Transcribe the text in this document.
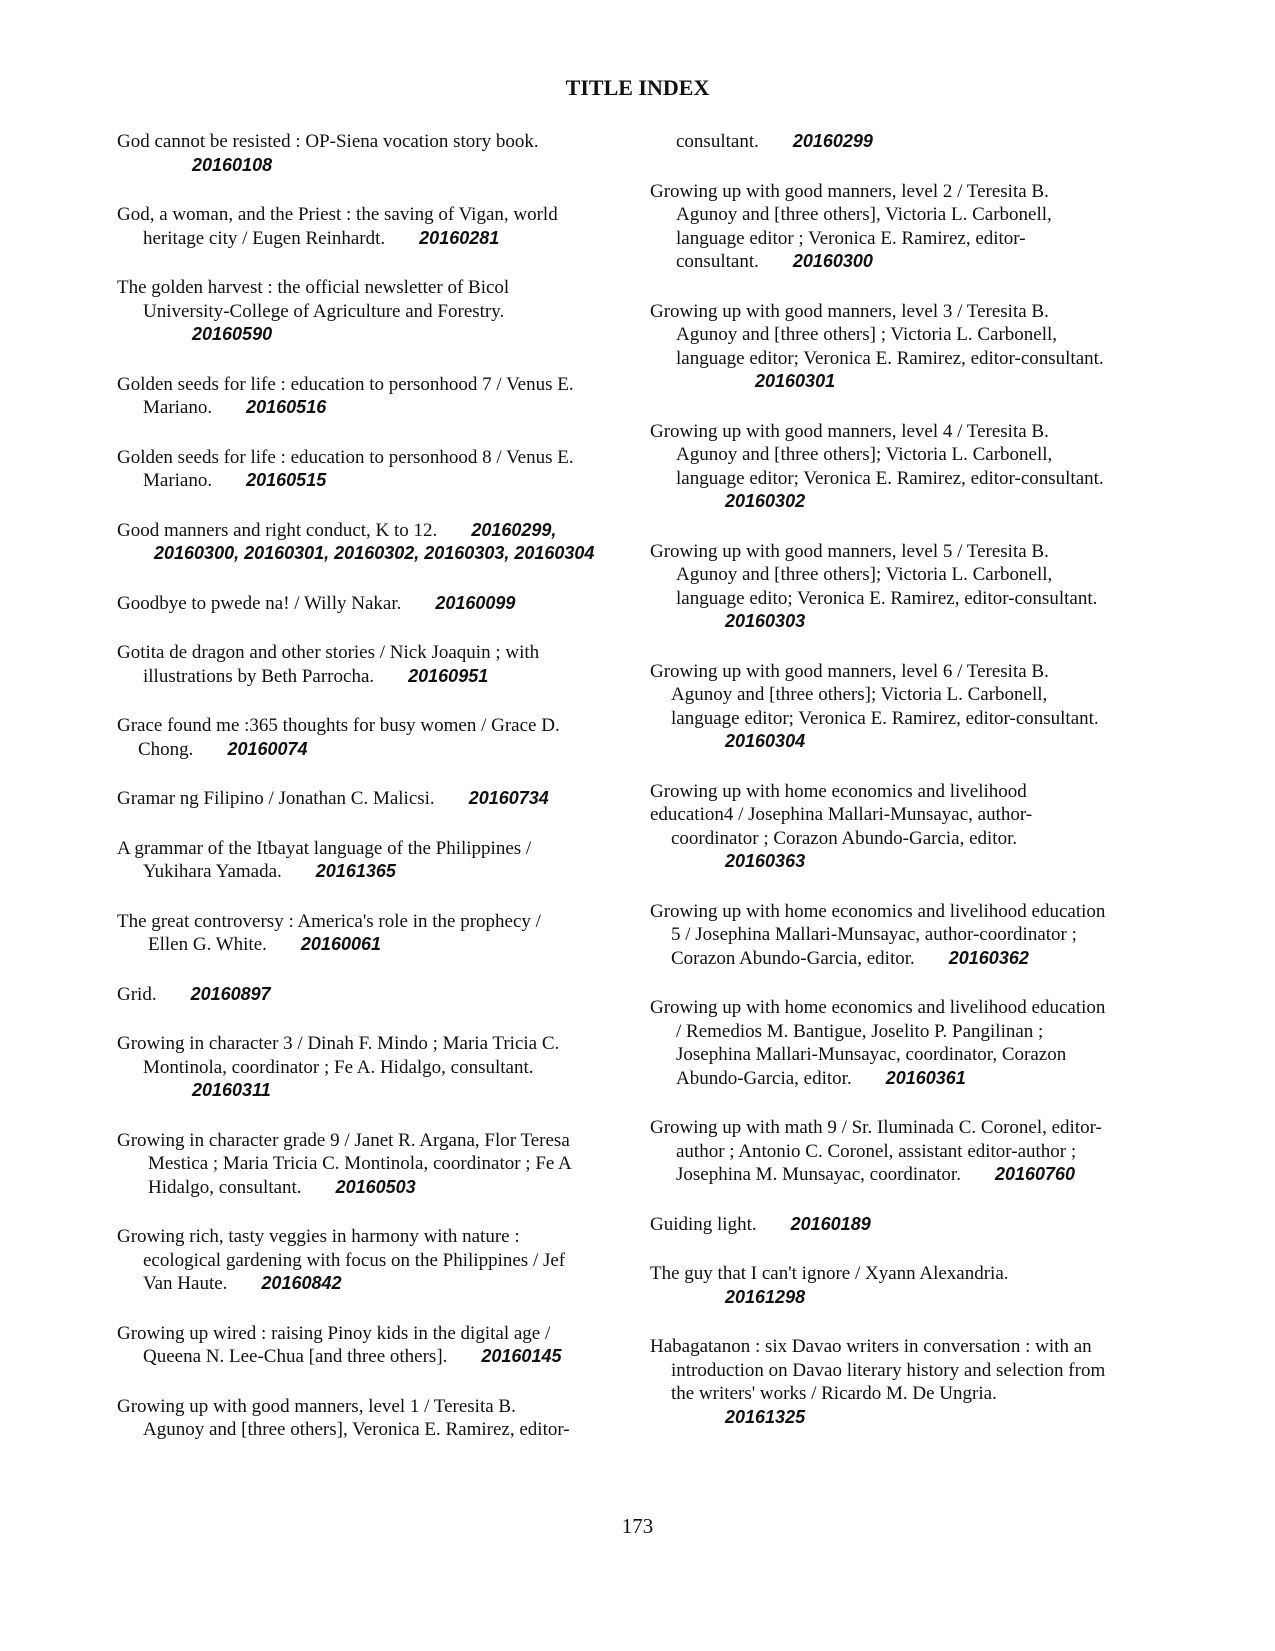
TITLE INDEX
God cannot be resisted : OP-Siena vocation story book.
20160108
God, a woman, and the Priest : the saving of Vigan, world
heritage city / Eugen Reinhardt. 20160281
The golden harvest : the official newsletter of Bicol
University-College of Agriculture and Forestry.
20160590
Golden seeds for life : education to personhood 7 / Venus E.
Mariano. 20160516
Golden seeds for life : education to personhood 8 / Venus E.
Mariano. 20160515
Good manners and right conduct, K to 12. 20160299,
20160300, 20160301, 20160302, 20160303, 20160304
Goodbye to pwede na! / Willy Nakar. 20160099
Gotita de dragon and other stories / Nick Joaquin ; with
illustrations by Beth Parrocha. 20160951
Grace found me :365 thoughts for busy women / Grace D.
Chong. 20160074
Gramar ng Filipino / Jonathan C. Malicsi. 20160734
A grammar of the Itbayat language of the Philippines /
Yukihara Yamada. 20161365
The great controversy : America's role in the prophecy /
Ellen G. White. 20160061
Grid. 20160897
Growing in character 3 / Dinah F. Mindo ; Maria Tricia C.
Montinola, coordinator ; Fe A. Hidalgo, consultant.
20160311
Growing in character grade 9 / Janet R. Argana, Flor Teresa
Mestica ; Maria Tricia C. Montinola, coordinator ; Fe A
Hidalgo, consultant. 20160503
Growing rich, tasty veggies in harmony with nature :
ecological gardening with focus on the Philippines / Jef
Van Haute. 20160842
Growing up wired : raising Pinoy kids in the digital age /
Queena N. Lee-Chua [and three others]. 20160145
Growing up with good manners, level 1 / Teresita B.
Agunoy and [three others], Veronica E. Ramirez, editor-
consultant. 20160299
Growing up with good manners, level 2 / Teresita B.
Agunoy and [three others], Victoria L. Carbonell,
language editor ; Veronica E. Ramirez, editor-
consultant. 20160300
Growing up with good manners, level 3 / Teresita B.
Agunoy and [three others] ; Victoria L. Carbonell,
language editor; Veronica E. Ramirez, editor-consultant.
20160301
Growing up with good manners, level 4 / Teresita B.
Agunoy and [three others]; Victoria L. Carbonell,
language editor; Veronica E. Ramirez, editor-consultant.
20160302
Growing up with good manners, level 5 / Teresita B.
Agunoy and [three others]; Victoria L. Carbonell,
language edito; Veronica E. Ramirez, editor-consultant.
20160303
Growing up with good manners, level 6 / Teresita B.
Agunoy and [three others]; Victoria L. Carbonell,
language editor; Veronica E. Ramirez, editor-consultant.
20160304
Growing up with home economics and livelihood
education4 / Josephina Mallari-Munsayac, author-
coordinator ; Corazon Abundo-Garcia, editor.
20160363
Growing up with home economics and livelihood education
5 / Josephina Mallari-Munsayac, author-coordinator ;
Corazon Abundo-Garcia, editor. 20160362
Growing up with home economics and livelihood education
/ Remedios M. Bantigue, Joselito P. Pangilinan ;
Josephina Mallari-Munsayac, coordinator, Corazon
Abundo-Garcia, editor. 20160361
Growing up with math 9 / Sr. Iluminada C. Coronel, editor-
author ; Antonio C. Coronel, assistant editor-author ;
Josephina M. Munsayac, coordinator. 20160760
Guiding light. 20160189
The guy that I can't ignore / Xyann Alexandria.
20161298
Habagatanon : six Davao writers in conversation : with an
introduction on Davao literary history and selection from
the writers' works / Ricardo M. De Ungria.
20161325
173
